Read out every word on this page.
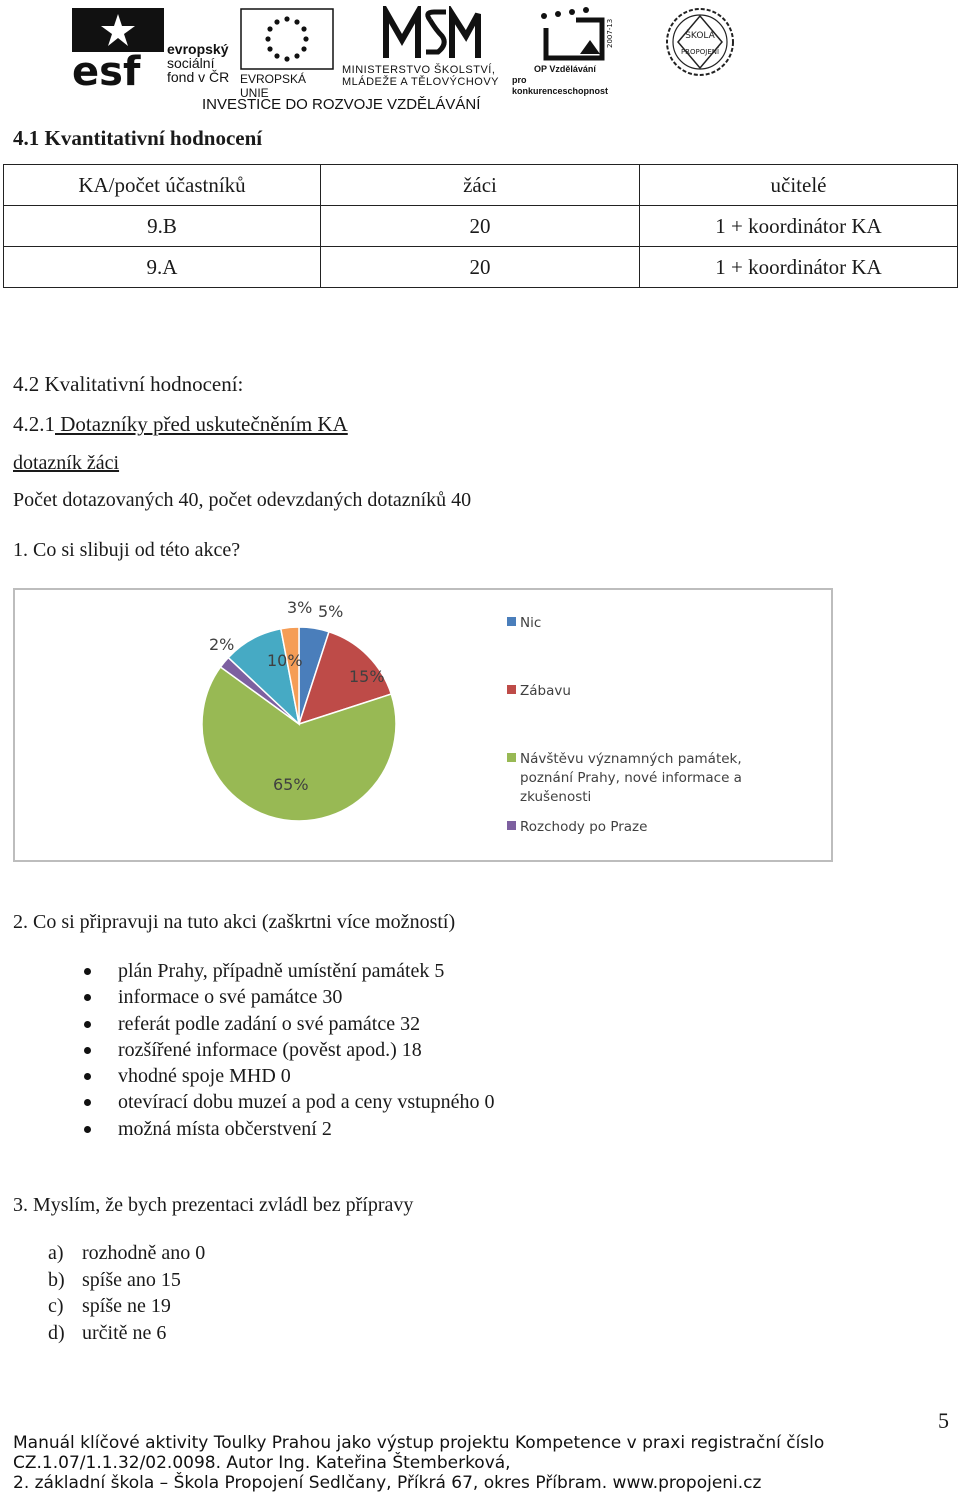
esf evropský
sociální
fond v ČR EVROPSKÁ UNIE
MINISTERSTVO ŠKOLSTVÍ,
MLÁDEŽE A TĚLOVÝCHOVY
2007-13
OP Vzdělávání
pro konkurenceschopnost
ŠKOLA
PROPOJENÍ
INVESTICE DO ROZVOJE VZDĚLÁVÁNÍ
4.1 Kvantitativní hodnocení
KA/počet účastníků	žáci	učitelé
9.B	20	1 + koordinátor KA
9.A	20	1 + koordinátor KA
4.2 Kvalitativní hodnocení:
4.2.1 Dotazníky před uskutečněním KA
dotazník žáci
Počet dotazovaných 40, počet odevzdaných dotazníků 40
1. Co si slibuji od této akce?
5%
15%
65%
2%
10%
3%
Nic
Zábavu
Návštěvu významných památek,
poznání Prahy, nové informace a
zkušenosti
Rozchody po Praze
2. Co si připravuji na tuto akci (zaškrtni více možností)
plán Prahy, případně umístění památek 5
informace o své památce 30
referát podle zadání o své památce 32
rozšířené informace (pověst apod.) 18
vhodné spoje MHD 0
otevírací dobu muzeí a pod a ceny vstupného 0
možná místa občerstvení 2
3. Myslím, že bych prezentaci zvládl bez přípravy
a) rozhodně ano 0
b) spíše ano 15
c) spíše ne 19
d) určitě ne 6
5
Manuál klíčové aktivity Toulky Prahou jako výstup projektu Kompetence v praxi registrační číslo
CZ.1.07/1.1.32/02.0098. Autor Ing. Kateřina Štemberková,
2. základní škola – Škola Propojení Sedlčany, Příkrá 67, okres Příbram. www.propojeni.cz
